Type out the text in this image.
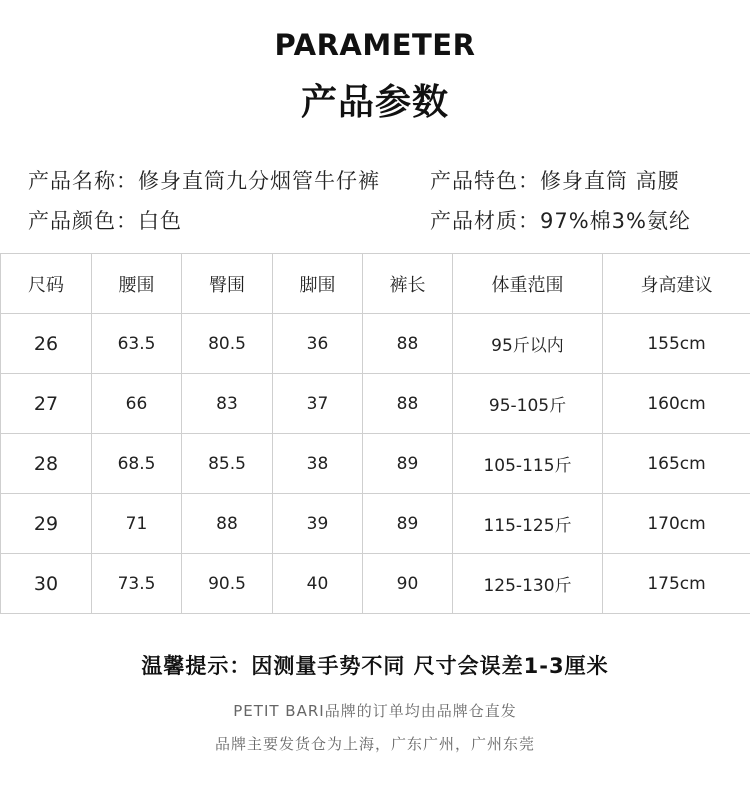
PARAMETER
产品参数
产品名称：修身直筒九分烟管牛仔裤 产品特色：修身直筒 高腰
产品颜色：白色	产品材质：97%棉3%氨纶
尺码	腰围	臀围	脚围	裤长	体重范围	身高建议
26	63.5	80.5	36	88	95斤以内	155cm
27	66	83	37	88	95-105斤	160cm
28	68.5	85.5	38	89	105-115斤	165cm
29	71	88	39	89	115-125斤	170cm
30	73.5	90.5	40	90	125-130斤	175cm
温馨提示：因测量手势不同 尺寸会误差1-3厘米
PETIT BARI品牌的订单均由品牌仓直发
品牌主要发货仓为上海，广东广州，广州东莞
